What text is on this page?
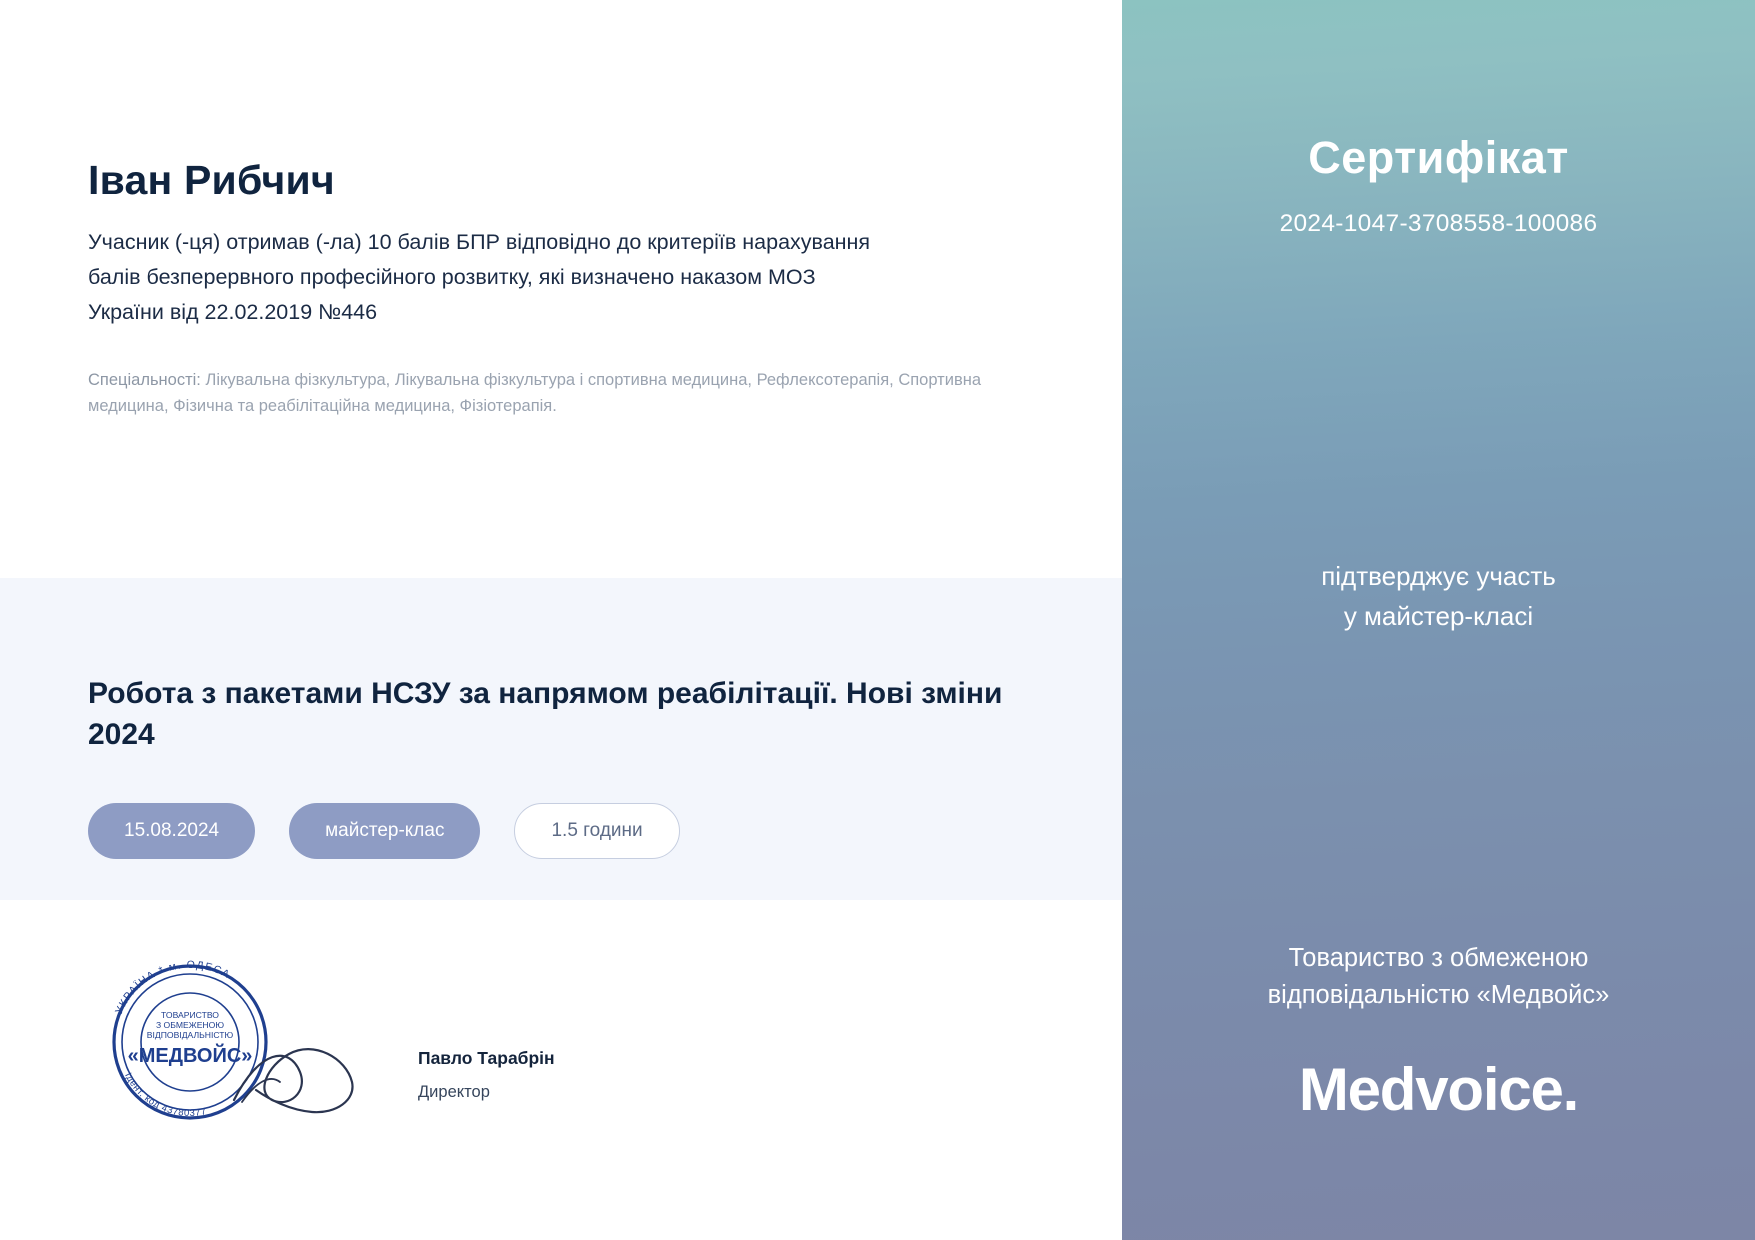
Іван Рибчич

Учасник (-ця) отримав (-ла) 10 балів БПР відповідно до критеріїв нарахування балів безперервного професійного розвитку, які визначено наказом МОЗ України від 22.02.2019 №446

Спеціальності: Лікувальна фізкультура, Лікувальна фізкультура і спортивна медицина, Рефлексотерапія, Спортивна медицина, Фізична та реабілітаційна медицина, Фізіотерапія.
Робота з пакетами НСЗУ за напрямом реабілітації. Нові зміни 2024
15.08.2024	майстер-клас	1.5 години
УКРАЇНА * м. ОДЕСА
Ідент. код 43780377
ТОВАРИСТВО
З ОБМЕЖЕНОЮ
ВІДПОВІДАЛЬНІСТЮ
«МЕДВОЙС»	Павло Тарабрін

Директор

Сертифікат
2024-1047-3708558-100086
підтверджує участь
у майстер-класі
Товариство з обмеженою
відповідальністю «Медвойс»
Medvoice.
